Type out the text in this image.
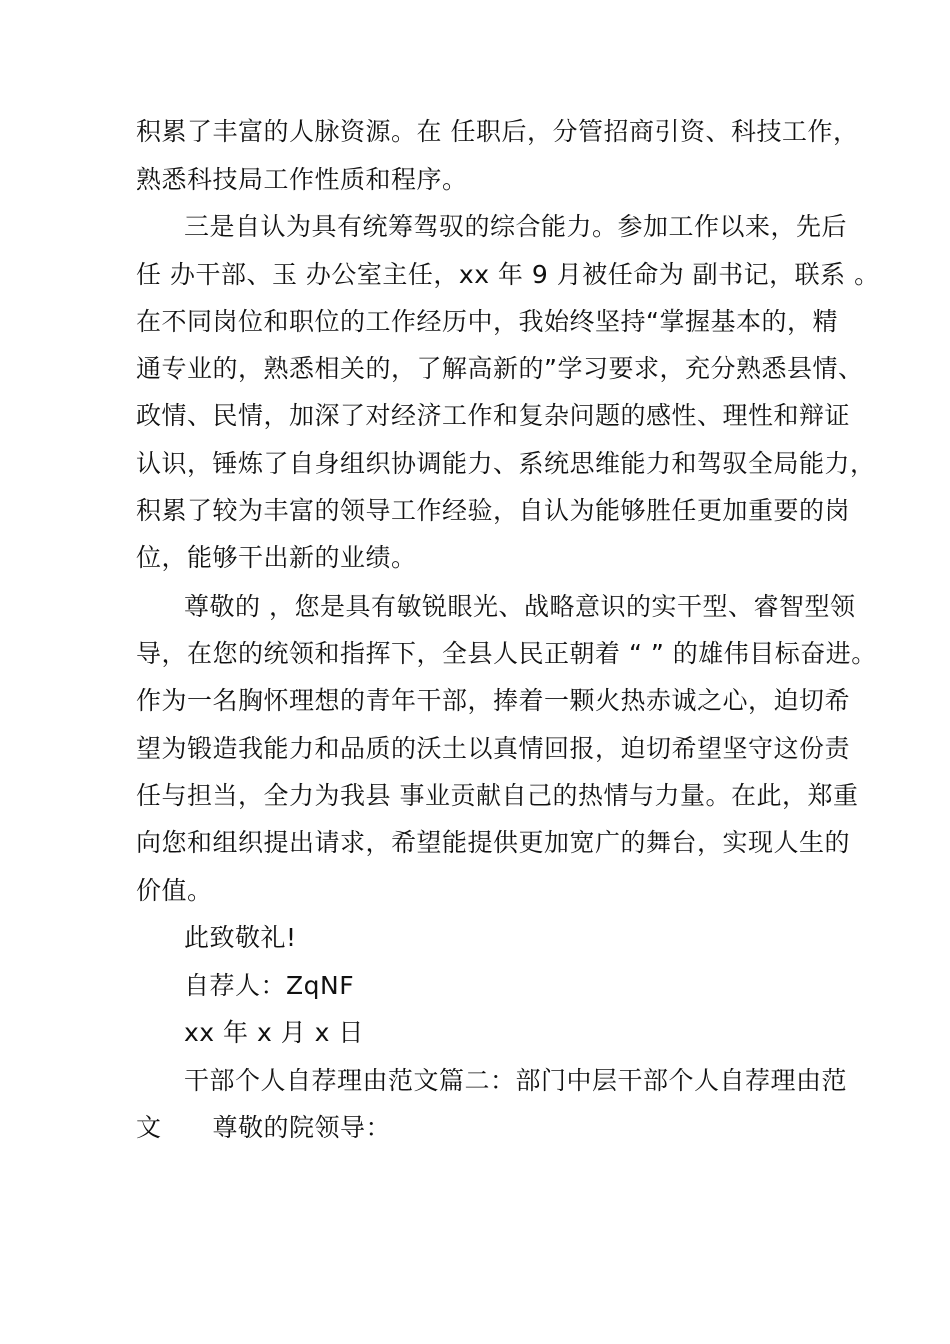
积累了丰富的人脉资源。在 任职后，分管招商引资、科技工作，
熟悉科技局工作性质和程序。
三是自认为具有统筹驾驭的综合能力。参加工作以来，先后
任 办干部、玉 办公室主任，xx 年 9 月被任命为 副书记，联系 。
在不同岗位和职位的工作经历中，我始终坚持“掌握基本的，精
通专业的，熟悉相关的，了解高新的”学习要求，充分熟悉县情、
政情、民情，加深了对经济工作和复杂问题的感性、理性和辩证
认识，锤炼了自身组织协调能力、系统思维能力和驾驭全局能力，
积累了较为丰富的领导工作经验，自认为能够胜任更加重要的岗
位，能够干出新的业绩。
尊敬的 ，您是具有敏锐眼光、战略意识的实干型、睿智型领
导，在您的统领和指挥下，全县人民正朝着 “ ” 的雄伟目标奋进。
作为一名胸怀理想的青年干部，捧着一颗火热赤诚之心，迫切希
望为锻造我能力和品质的沃土以真情回报，迫切希望坚守这份责
任与担当，全力为我县 事业贡献自己的热情与力量。在此，郑重
向您和组织提出请求，希望能提供更加宽广的舞台，实现人生的
价值。
此致敬礼!
自荐人：ZqNF
xx 年 x 月 x 日
干部个人自荐理由范文篇二：部门中层干部个人自荐理由范
文　　尊敬的院领导：
